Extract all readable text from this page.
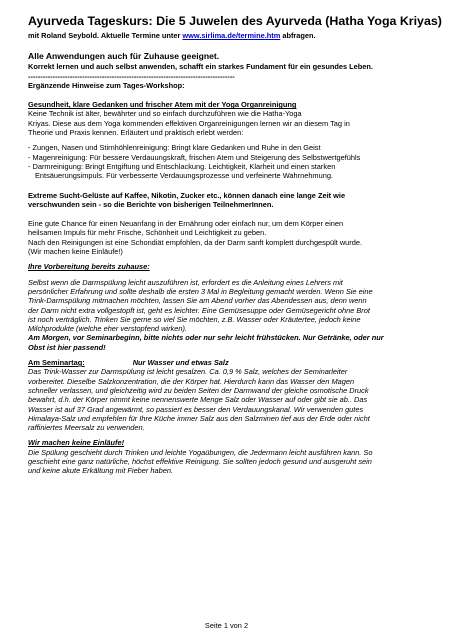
Ayurveda Tageskurs: Die 5 Juwelen des Ayurveda (Hatha Yoga Kriyas)
mit Roland Seybold. Aktuelle Termine unter www.sirlima.de/termine.htm abfragen.
Alle Anwendungen auch für Zuhause geeignet.
Korrekt lernen und auch selbst anwenden, schafft ein starkes Fundament für ein gesundes Leben.
------------------------------------------------------------------------------------
Ergänzende Hinweise zum Tages-Workshop:
Gesundheit, klare Gedanken und frischer Atem mit der Yoga Organreinigung
Keine Technik ist älter, bewährter und so einfach durchzuführen wie die Hatha-Yoga
Kriyas. Diese aus dem Yoga kommenden effektiven Organreinigungen lernen wir an diesem Tag in
Theorie und Praxis kennen. Erläutert und praktisch erlebt werden:
- Zungen, Nasen und Stirnhöhlenreinigung: Bringt klare Gedanken und Ruhe in den Geist
- Magenreinigung: Für bessere Verdauungskraft, frischen Atem und Steigerung des Selbstwertgefühls
- Darmreinigung: Bringt Entgiftung und Entschlackung. Leichtigkeit, Klarheit und einen starken
Entsäuerungsimpuls. Für verbesserte Verdauungsprozesse und verfeinerte Wahrnehmung.
Extreme Sucht-Gelüste auf Kaffee, Nikotin, Zucker etc., können danach eine lange Zeit wie
verschwunden sein - so die Berichte von bisherigen TeilnehmerInnen.
Eine gute Chance für einen Neuanfang in der Ernährung oder einfach nur, um dem Körper einen
heilsamen Impuls für mehr Frische, Schönheit und Leichtigkeit zu geben.
Nach den Reinigungen ist eine Schondiät empfohlen, da der Darm sanft komplett durchgespült wurde.
(Wir machen keine Einläufe!)
Ihre Vorbereitung bereits zuhause:
Selbst wenn die Darmspülung leicht auszuführen ist, erfordert es die Anleitung eines Lehrers mit
persönlicher Erfahrung und sollte deshalb die ersten 3 Mal in Begleitung gemacht werden. Wenn Sie eine
Trink-Darmspülung mitmachen möchten, lassen Sie am Abend vorher das Abendessen aus, denn wenn
der Darm nicht extra vollgestopft ist, geht es leichter. Eine Gemüsesuppe oder Gemüsegericht ohne Brot
ist noch verträglich. Trinken Sie gerne so viel Sie möchten, z.B. Wasser oder Kräutertee, jedoch keine
Milchprodukte (welche eher verstopfend wirken).
Am Morgen, vor Seminarbeginn, bitte nichts oder nur sehr leicht frühstücken. Nur Getränke, oder nur
Obst ist hier passend!
Am Seminartag:	Nur Wasser und etwas Salz
Das Trink-Wasser zur Darmspülung ist leicht gesalzen. Ca. 0,9 % Salz, welches der Seminarleiter
vorbereitet. Dieselbe Salzkonzentration, die der Körper hat. Hierdurch kann das Wasser den Magen
schneller verlassen, und gleichzeitig wird zu beiden Seiten der Darmwand der gleiche osmotische Druck
bewahrt, d.h. der Körper nimmt keine nennenswerte Menge Salz oder Wasser auf oder gibt sie ab.. Das
Wasser ist auf 37 Grad angewärmt, so passiert es besser den Verdauungskanal. Wir verwenden gutes
Himalaya-Salz und empfehlen für Ihre Küche immer Salz aus den Salzminen tief aus der Erde oder nicht
raffiniertes Meersalz zu verwenden.
Wir machen keine Einläufe!
Die Spülung geschieht durch Trinken und leichte Yogaübungen, die Jedermann leicht ausführen kann. So
geschieht eine ganz natürliche, höchst effektive Reinigung. Sie sollten jedoch gesund und ausgeruht sein
und keine akute Erkältung mit Fieber haben.
Seite 1 von 2
